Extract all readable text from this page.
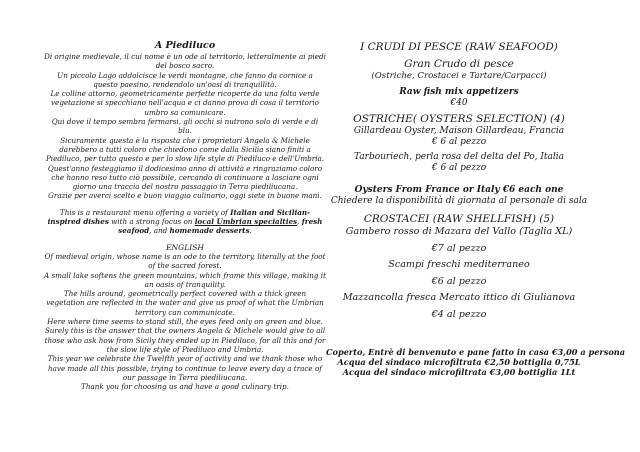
A Piediluco

Di origine medievale, il cui nome è un ode al territorio, letteralmente ai piedi del bosco sacro.

Un piccolo Lago addolcisce le verdi montagne, che fanno da cornice a questo paesino, rendendolo un'oasi di tranquillità.

Le colline attorno, geometricamente perfette ricoperte da una folta verde vegetazione si specchiano nell'acqua e ci danno prova di cosa il territorio umbro sa comunicare.

Qui dove il tempo sembra fermarsi, gli occhi si nutrono solo di verde e di blu.

Sicuramente questa è la risposta che i proprietari Angela & Michele darebbero a tutti coloro che chiedono come dalla Sicilia siano finiti a Piediluco, per tutto questo e per lo slow life style di Piediluco e dell'Umbria.

Quest'anno festeggiamo il dodicesimo anno di attività e ringraziamo coloro che hanno reso tutto ciò possibile, cercando di continuare a lasciare ogni giorno una traccia del nostro passaggio in Terra piediliucana.

Grazie per averci scelto e buon viaggio culinario, oggi siete in buone mani.

This is a restaurant menu offering a variety of Italian and Sicilian-inspired dishes with a strong focus on local Umbrian specialties, fresh seafood, and homemade desserts.

ENGLISH

Of medieval origin, whose name is an ode to the territory, literally at the foot of the sacred forest.

A small lake softens the green mountains, which frame this village, making it an oasis of tranquility.

The hills around, geometrically perfect covered with a thick green vegetation are reflected in the water and give us proof of what the Umbrian territory can communicate.

Here where time seems to stand still, the eyes feed only on green and blue.

Surely this is the answer that the owners Angela & Michele would give to all those who ask how from Sicily they ended up in Piediluco, for all this and for the slow life style of Piediluco and Umbria.

This year we celebrate the Twelfth year of activity and we thank those who have made all this possible, trying to continue to leave every day a trace of our passage in Terra piediliucana.

Thank you for choosing us and have a good culinary trip.

I CRUDI DI PESCE (RAW SEAFOOD)
Gran Crudo di pesce
(Ostriche, Crostacei e Tartare/Carpacci)
Raw fish mix appetizers
€40
OSTRICHE( OYSTERS SELECTION) (4)
Gillardeau Oyster, Maison Gillardeau, Francia
€ 6 al pezzo
Tarbouriech, perla rosa del delta del Po, Italia
€ 6 al pezzo
Oysters From France or Italy €6 each one
Chiedere la disponibilità di giornata al personale di sala
CROSTACEI (RAW SHELLFISH) (5)
Gambero rosso di Mazara del Vallo (Taglia XL)
€7 al pezzo
Scampi freschi mediterraneo
€6 al pezzo
Mazzancolla fresca Mercato ittico di Giulianova
€4 al pezzo
Coperto, Entrè di benvenuto e pane fatto in casa €3,00 a persona
Acqua del sindaco microfiltrata €2,50 bottiglia 0,75L
Acqua del sindaco microfiltrata €3,00 bottiglia 1Lt
